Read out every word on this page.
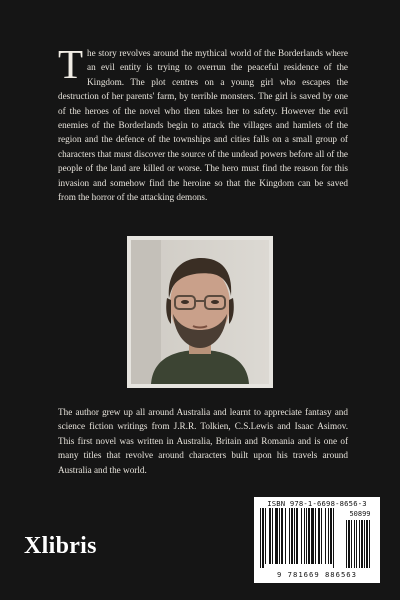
The story revolves around the mythical world of the Borderlands where an evil entity is trying to overrun the peaceful residence of the Kingdom. The plot centres on a young girl who escapes the destruction of her parents' farm, by terrible monsters. The girl is saved by one of the heroes of the novel who then takes her to safety. However the evil enemies of the Borderlands begin to attack the villages and hamlets of the region and the defence of the townships and cities falls on a small group of characters that must discover the source of the undead powers before all of the people of the land are killed or worse. The hero must find the reason for this invasion and somehow find the heroine so that the Kingdom can be saved from the horror of the attacking demons.
The author grew up all around Australia and learnt to appreciate fantasy and science fiction writings from J.R.R. Tolkien, C.S.Lewis and Isaac Asimov. This first novel was written in Australia, Britain and Romania and is one of many titles that revolve around characters built upon his travels around Australia and the world.
Xlibris
ISBN 978-1-6698-8656-3
50899
9 781669 886563
